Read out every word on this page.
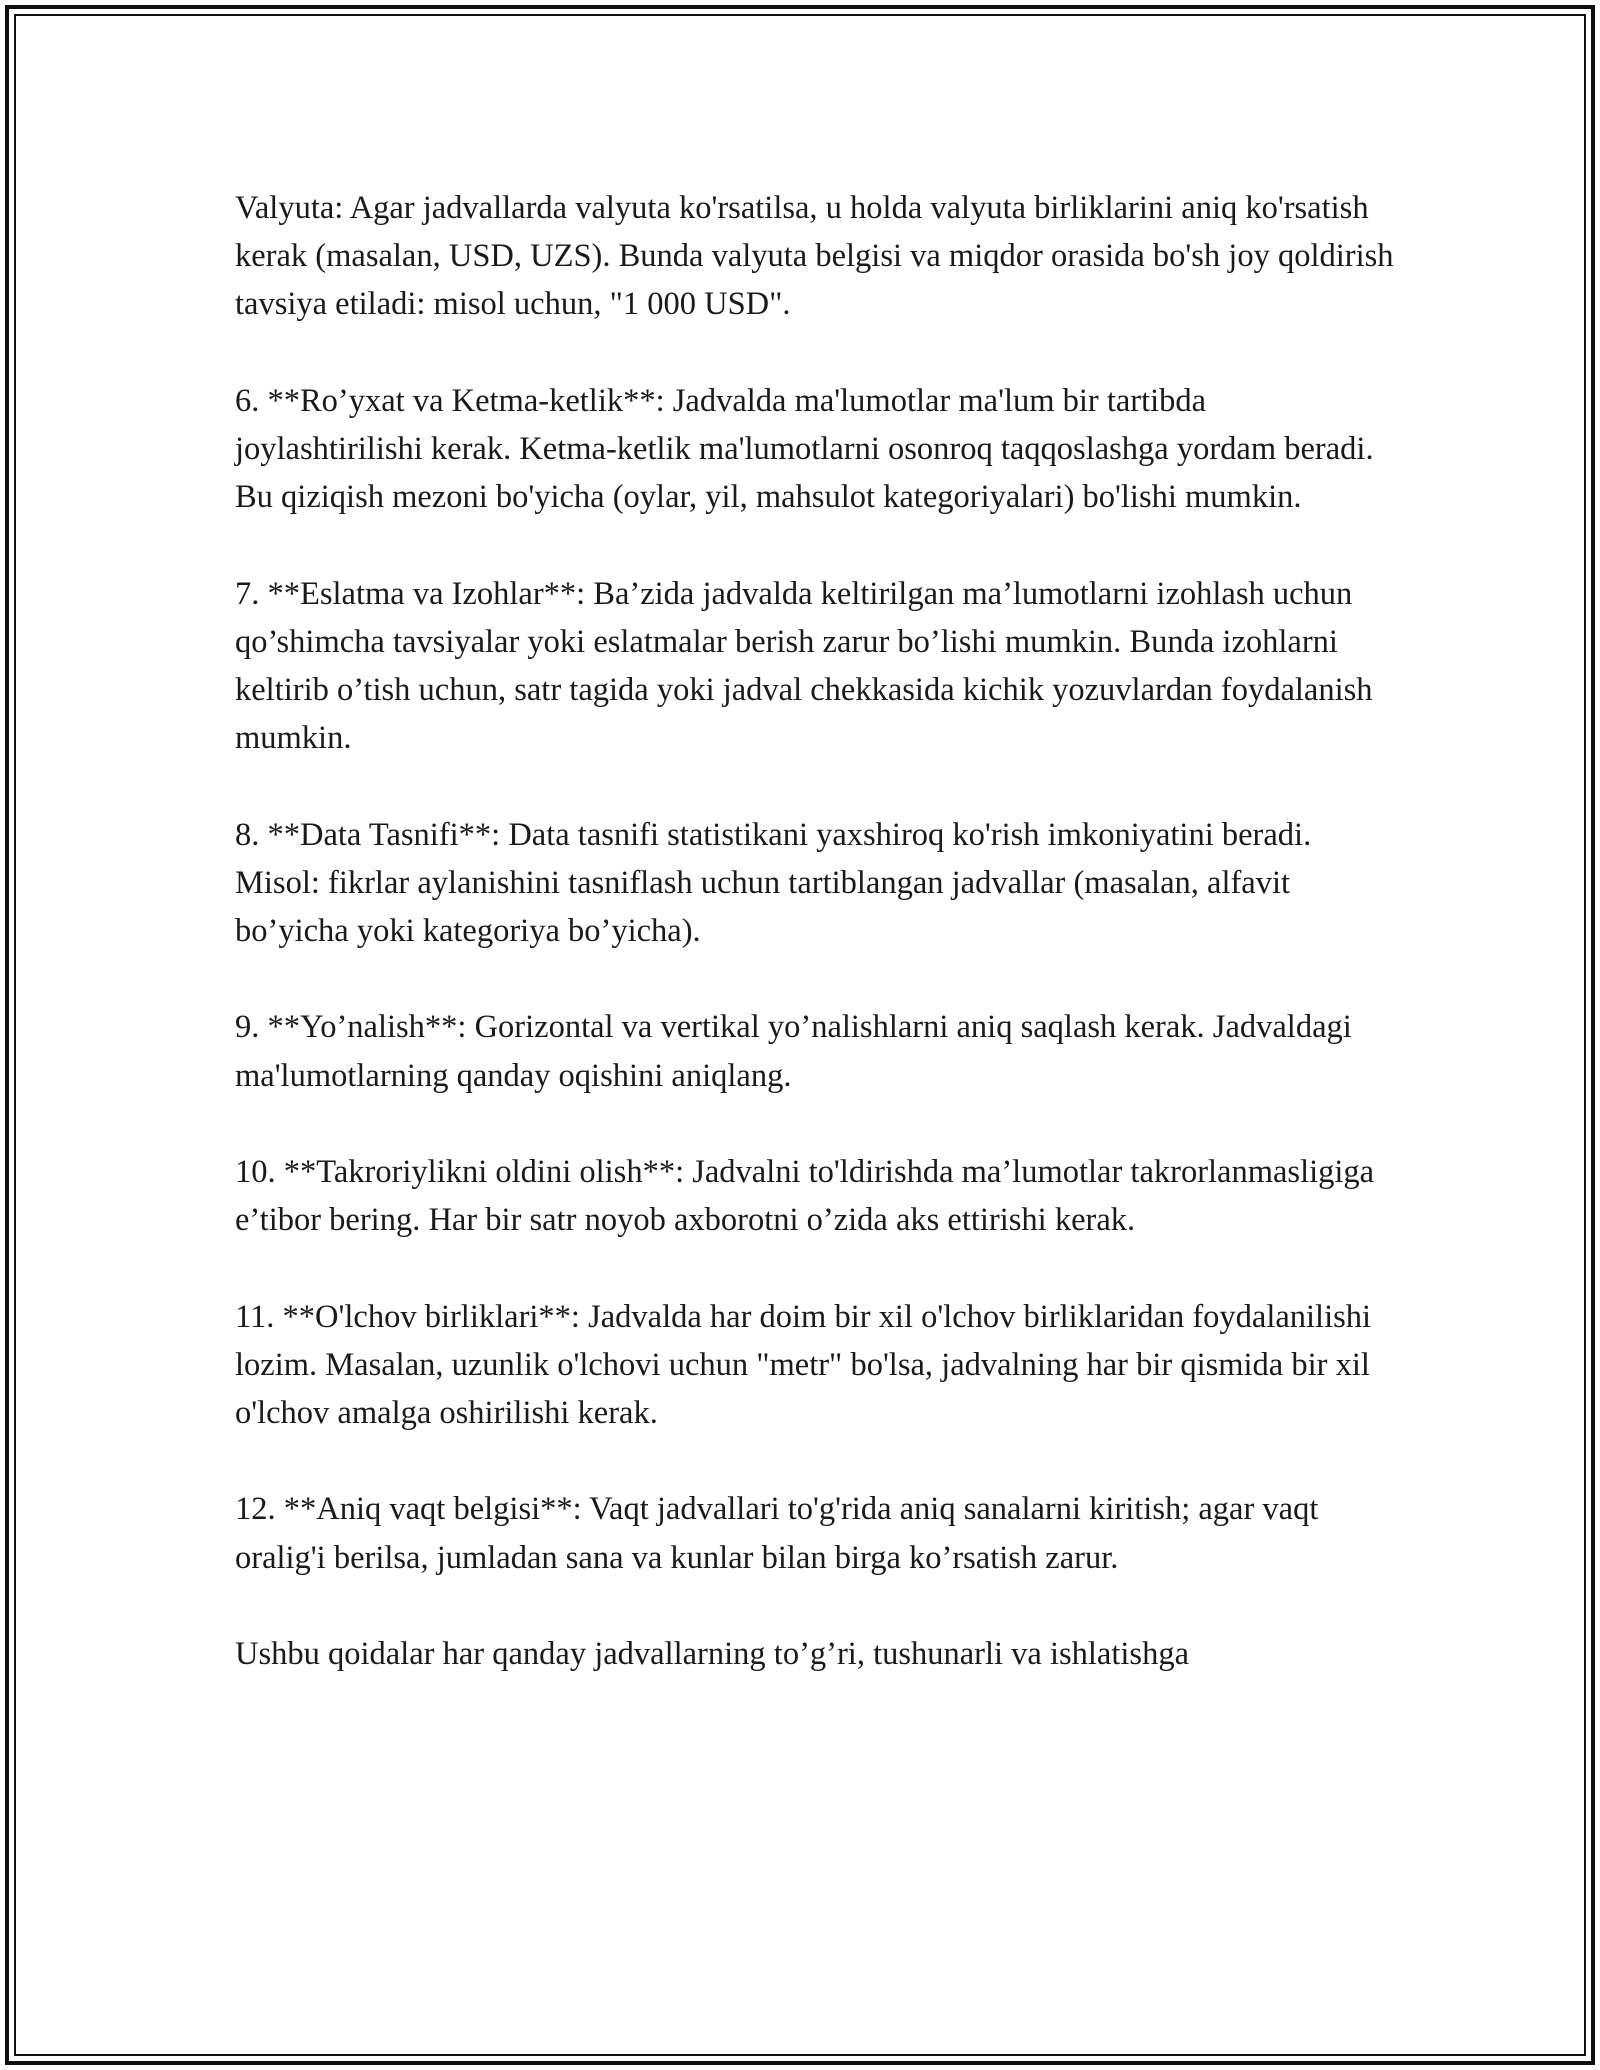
Valyuta: Agar jadvallarda valyuta ko'rsatilsa, u holda valyuta birliklarini aniq ko'rsatish kerak (masalan, USD, UZS). Bunda valyuta belgisi va miqdor orasida bo'sh joy qoldirish tavsiya etiladi: misol uchun, "1 000 USD".

6. **Ro’yxat va Ketma-ketlik**: Jadvalda ma'lumotlar ma'lum bir tartibda joylashtirilishi kerak. Ketma-ketlik ma'lumotlarni osonroq taqqoslashga yordam beradi. Bu qiziqish mezoni bo'yicha (oylar, yil, mahsulot kategoriyalari) bo'lishi mumkin.

7. **Eslatma va Izohlar**: Ba’zida jadvalda keltirilgan ma’lumotlarni izohlash uchun qo’shimcha tavsiyalar yoki eslatmalar berish zarur bo’lishi mumkin. Bunda izohlarni keltirib o’tish uchun, satr tagida yoki jadval chekkasida kichik yozuvlardan foydalanish mumkin.

8. **Data Tasnifi**: Data tasnifi statistikani yaxshiroq ko'rish imkoniyatini beradi. Misol: fikrlar aylanishini tasniflash uchun tartiblangan jadvallar (masalan, alfavit bo’yicha yoki kategoriya bo’yicha).

9. **Yo’nalish**: Gorizontal va vertikal yo’nalishlarni aniq saqlash kerak. Jadvaldagi ma'lumotlarning qanday oqishini aniqlang.

10. **Takroriylikni oldini olish**: Jadvalni to'ldirishda ma’lumotlar takrorlanmasligiga e’tibor bering. Har bir satr noyob axborotni o’zida aks ettirishi kerak.

11. **O'lchov birliklari**: Jadvalda har doim bir xil o'lchov birliklaridan foydalanilishi lozim. Masalan, uzunlik o'lchovi uchun "metr" bo'lsa, jadvalning har bir qismida bir xil o'lchov amalga oshirilishi kerak.

12. **Aniq vaqt belgisi**: Vaqt jadvallari to'g'rida aniq sanalarni kiritish; agar vaqt oralig'i berilsa, jumladan sana va kunlar bilan birga ko’rsatish zarur.

Ushbu qoidalar har qanday jadvallarning to’g’ri, tushunarli va ishlatishga
